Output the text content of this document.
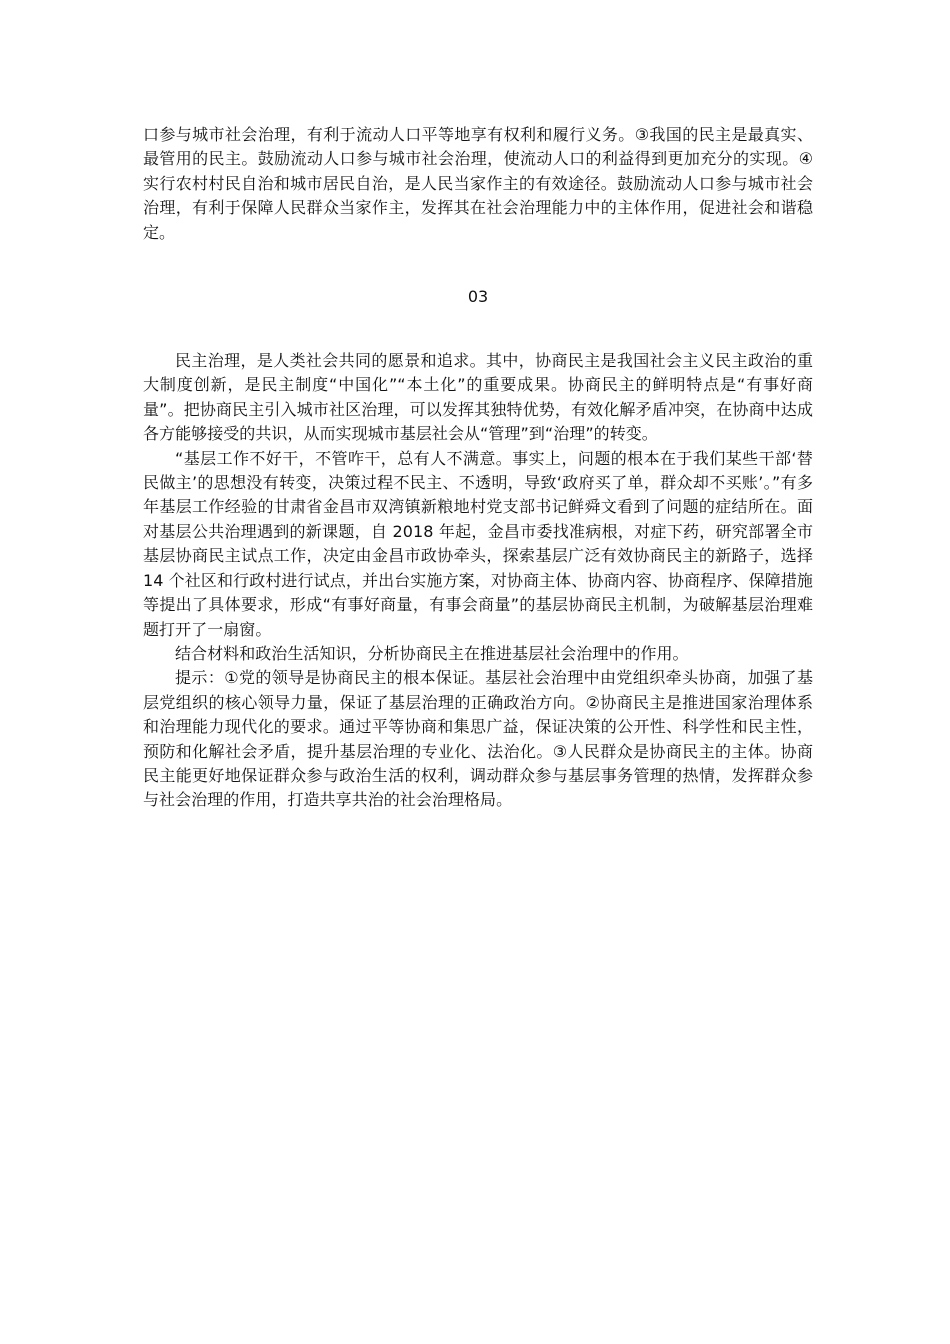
口参与城市社会治理，有利于流动人口平等地享有权利和履行义务。③我国的民主是最真实、最管用的民主。鼓励流动人口参与城市社会治理，使流动人口的利益得到更加充分的实现。④实行农村村民自治和城市居民自治，是人民当家作主的有效途径。鼓励流动人口参与城市社会治理，有利于保障人民群众当家作主，发挥其在社会治理能力中的主体作用，促进社会和谐稳定。

03

民主治理，是人类社会共同的愿景和追求。其中，协商民主是我国社会主义民主政治的重大制度创新，是民主制度“中国化”“本土化”的重要成果。协商民主的鲜明特点是“有事好商量”。把协商民主引入城市社区治理，可以发挥其独特优势，有效化解矛盾冲突，在协商中达成各方能够接受的共识，从而实现城市基层社会从“管理”到“治理”的转变。

“基层工作不好干，不管咋干，总有人不满意。事实上，问题的根本在于我们某些干部‘替民做主’的思想没有转变，决策过程不民主、不透明，导致‘政府买了单，群众却不买账’。”有多年基层工作经验的甘肃省金昌市双湾镇新粮地村党支部书记鲜舜文看到了问题的症结所在。面对基层公共治理遇到的新课题，自 2018 年起，金昌市委找准病根，对症下药，研究部署全市基层协商民主试点工作，决定由金昌市政协牵头，探索基层广泛有效协商民主的新路子，选择 14 个社区和行政村进行试点，并出台实施方案，对协商主体、协商内容、协商程序、保障措施等提出了具体要求，形成“有事好商量，有事会商量”的基层协商民主机制，为破解基层治理难题打开了一扇窗。

结合材料和政治生活知识，分析协商民主在推进基层社会治理中的作用。

提示：①党的领导是协商民主的根本保证。基层社会治理中由党组织牵头协商，加强了基层党组织的核心领导力量，保证了基层治理的正确政治方向。②协商民主是推进国家治理体系和治理能力现代化的要求。通过平等协商和集思广益，保证决策的公开性、科学性和民主性，预防和化解社会矛盾，提升基层治理的专业化、法治化。③人民群众是协商民主的主体。协商民主能更好地保证群众参与政治生活的权利，调动群众参与基层事务管理的热情，发挥群众参与社会治理的作用，打造共享共治的社会治理格局。
